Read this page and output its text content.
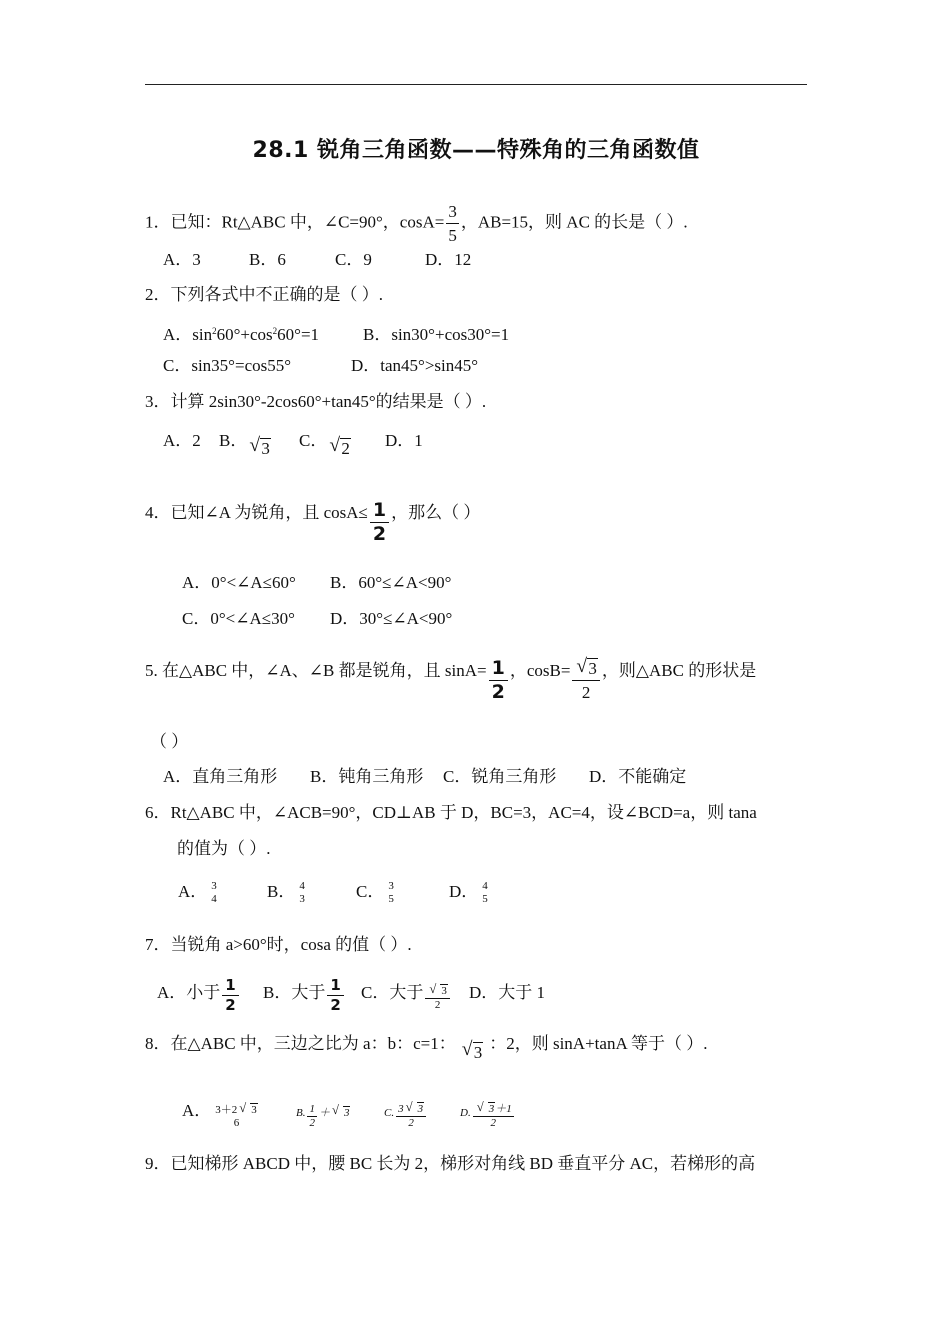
28.1 锐角三角函数——特殊角的三角函数值
1．已知：Rt△ABC 中，∠C=90°，$\cos A= \frac{3}{5}$ ，AB=15，则 AC 的长是（ ）.
A．3	B．6	C．9	D．12
2．下列各式中不正确的是（ ）.
A．$\sin^260^\circ+\cos^260^\circ=1$	B．sin30°+cos30°=1
C．sin35°=cos55°	D．tan45°>sin45°
3．计算 2sin30°-2cos60°+tan45°的结果是（ ）.
A．2 B． √ 3 C． √ 2 D．1
4．已知∠A 为锐角，且 $\cos A\le \frac{1}{2}$ ，那么（ ）
A．0°<∠A≤60° B．60°≤∠A<90°
C．0°<∠A≤30° D．30°≤∠A<90°
5. 在△ABC 中，∠A、∠B 都是锐角，且 $\sin A= \frac{1}{2}$ ，$\cos B= \frac{√ 3}{2}$ ，则△ABC 的形状是
（ ）
A．直角三角形 B．钝角三角形 C．锐角三角形 D．不能确定
6．Rt△ABC 中，∠ACB=90°，CD⊥AB 于 D，BC=3，AC=4，设∠BCD=a，则 tana
的值为（ ）.
A． 3
4	B． 4
3	C． 3
5	D． 4
5
7．当锐角 a>60°时，cosa 的值（ ）.
A．小于 $\frac{1}{2}$ B．大于 $\frac{1}{2}$ C．大于 $\frac{√ 3}{2}$ D．大于 1
8．在△ABC 中，三边之比为 a：b：c=1： √ 3 ：2，则 sinA+tanA 等于（ ）.
A． 3＋2 √ 3
6
B. $\frac{1}{2}$ ＋ √ 3	C. $\frac{3 √ 3}{2}$	D. $\frac{√ 3+1}{2}$
9．已知梯形 ABCD 中，腰 BC 长为 2，梯形对角线 BD 垂直平分 AC，若梯形的高
